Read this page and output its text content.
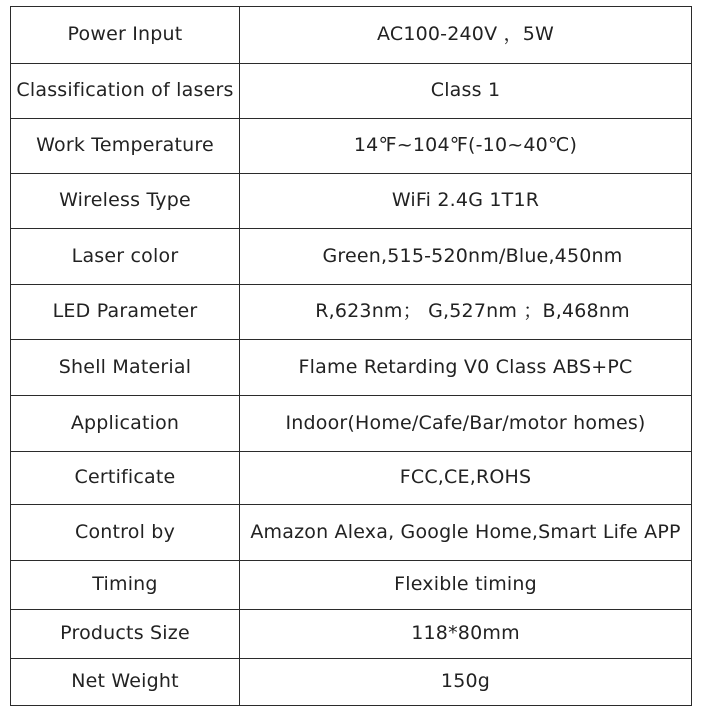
Power Input	AC100-240V ，5W
Classification of lasers	Class 1
Work Temperature	14℉~104℉(-10~40℃)
Wireless Type	WiFi 2.4G 1T1R
Laser color	Green,515-520nm/Blue,450nm
LED Parameter	R,623nm； G,527nm ；B,468nm
Shell Material	Flame Retarding V0 Class ABS+PC
Application	Indoor(Home/Cafe/Bar/motor homes)
Certificate	FCC,CE,ROHS
Control by	Amazon Alexa, Google Home,Smart Life APP
Timing	Flexible timing
Products Size	118*80mm
Net Weight	150g
